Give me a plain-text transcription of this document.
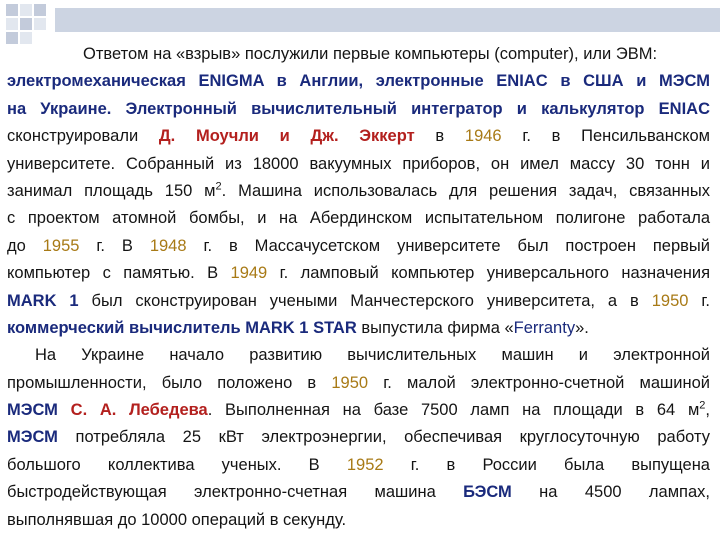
Ответом на «взрыв» послужили первые компьютеры (computer), или ЭВМ:
электромеханическая ENIGMA в Англии, электронные ENIAC в США и МЭСМ
на Украине. Электронный вычислительный интегратор и калькулятор ENIAC
сконструировали Д. Моучли и Дж. Эккерт в 1946 г. в Пенсильванском
университете. Собранный из 18000 вакуумных приборов, он имел массу 30 тонн и
занимал площадь 150 $м^2$. Машина использовалась для решения задач, связанных
с проектом атомной бомбы, и на Абердинском испытательном полигоне работала
до 1955 г. В 1948 г. в Массачусетском университете был построен первый
компьютер с памятью. В 1949 г. ламповый компьютер универсального назначения
MARK 1 был сконструирован учеными Манчестерского университета, а в 1950 г.
коммерческий вычислитель MARK 1 STAR выпустила фирма «Ferranty».
На Украине начало развитию вычислительных машин и электронной
промышленности, было положено в 1950 г. малой электронно-счетной машиной
МЭСМ С. А. Лебедева. Выполненная на базе 7500 ламп на площади в 64 $м^2$,
МЭСМ потребляла 25 кВт электроэнергии, обеспечивая круглосуточную работу
большого коллектива ученых. В 1952 г. в России была выпущена
быстродействующая электронно-счетная машина БЭСМ на 4500 лампах,
выполнявшая до 10000 операций в секунду.
